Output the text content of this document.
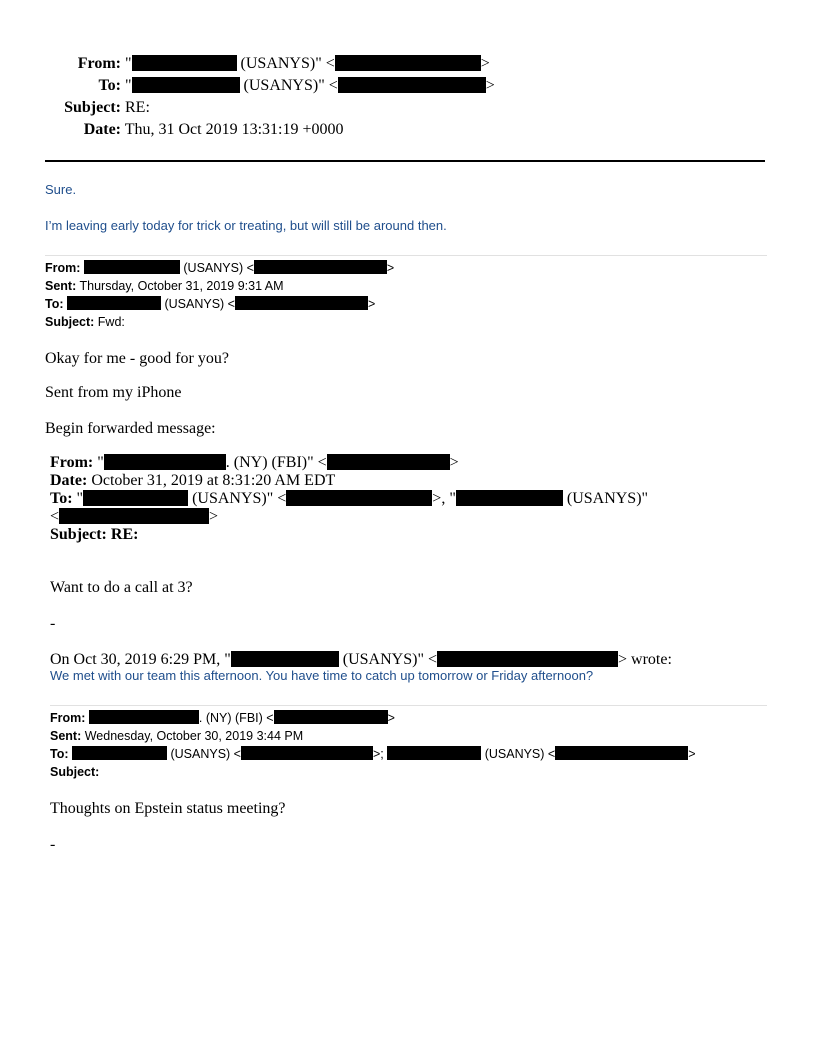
From: "	(USANYS)" <	>
To: "	(USANYS)" <	>
Subject: RE:
Date: Thu, 31 Oct 2019 13:31:19 +0000
Sure.
I’m leaving early today for trick or treating, but will still be around then.
From:	(USANYS) <	>
Sent: Thursday, October 31, 2019 9:31 AM
To:	(USANYS) <	>
Subject: Fwd:
Okay for me - good for you?
Sent from my iPhone
Begin forwarded message:
From: "	. (NY) (FBI)" <	>
Date: October 31, 2019 at 8:31:20 AM EDT
To: "	(USANYS)" <	>, "	(USANYS)"
<	>
Subject: RE:
Want to do a call at 3?
-
On Oct 30, 2019 6:29 PM, "	(USANYS)" <	> wrote:
We met with our team this afternoon. You have time to catch up tomorrow or Friday afternoon?
From:	. (NY) (FBI) <	>
Sent: Wednesday, October 30, 2019 3:44 PM
To:	(USANYS) <	>;	(USANYS) <	>
Subject:
Thoughts on Epstein status meeting?
-
